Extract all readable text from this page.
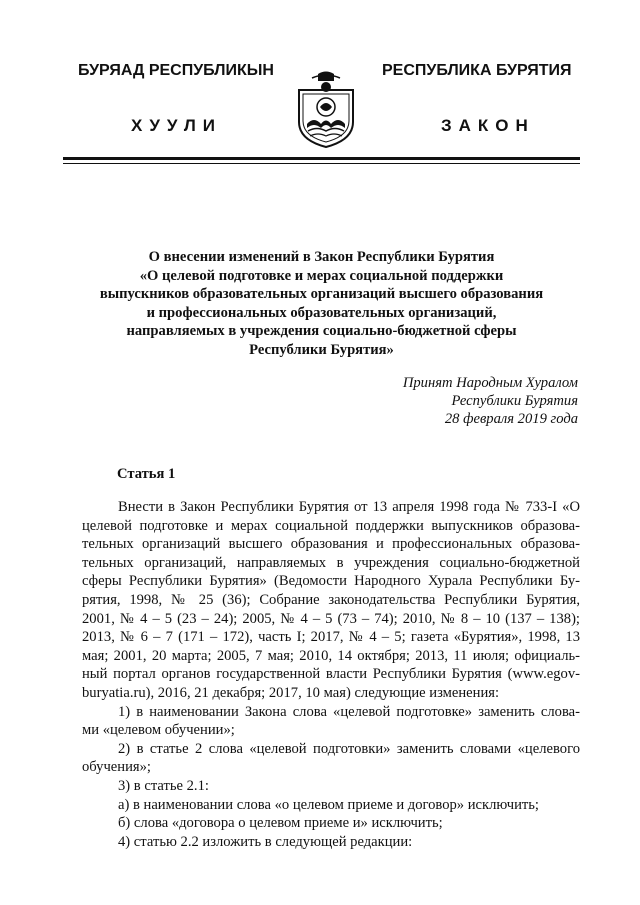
БУРЯАД РЕСПУБЛИКЫН
ХУУЛИ
РЕСПУБЛИКА БУРЯТИЯ
ЗАКОН
О внесении изменений в Закон Республики Бурятия
«О целевой подготовке и мерах социальной поддержки
выпускников образовательных организаций высшего образования
и профессиональных образовательных организаций,
направляемых в учреждения социально-бюджетной сферы
Республики Бурятия»
Принят Народным Хуралом
Республики Бурятия
28 февраля 2019 года
Статья 1
Внести в Закон Республики Бурятия от 13 апреля 1998 года № 733-I «О
целевой подготовке и мерах социальной поддержки выпускников образова-
тельных организаций высшего образования и профессиональных образова-
тельных организаций, направляемых в учреждения социально-бюджетной
сферы Республики Бурятия» (Ведомости Народного Хурала Республики Бу-
рятия, 1998, № 25 (36); Собрание законодательства Республики Бурятия,
2001, № 4 – 5 (23 – 24); 2005, № 4 – 5 (73 – 74); 2010, № 8 – 10 (137 – 138);
2013, № 6 – 7 (171 – 172), часть I; 2017, № 4 – 5; газета «Бурятия», 1998, 13
мая; 2001, 20 марта; 2005, 7 мая; 2010, 14 октября; 2013, 11 июля; официаль-
ный портал органов государственной власти Республики Бурятия (www.egov-
buryatia.ru), 2016, 21 декабря; 2017, 10 мая) следующие изменения:
1) в наименовании Закона слова «целевой подготовке» заменить слова-
ми «целевом обучении»;
2) в статье 2 слова «целевой подготовки» заменить словами «целевого
обучения»;
3) в статье 2.1:
а) в наименовании слова «о целевом приеме и договор» исключить;
б) слова «договора о целевом приеме и» исключить;
4) статью 2.2 изложить в следующей редакции:
